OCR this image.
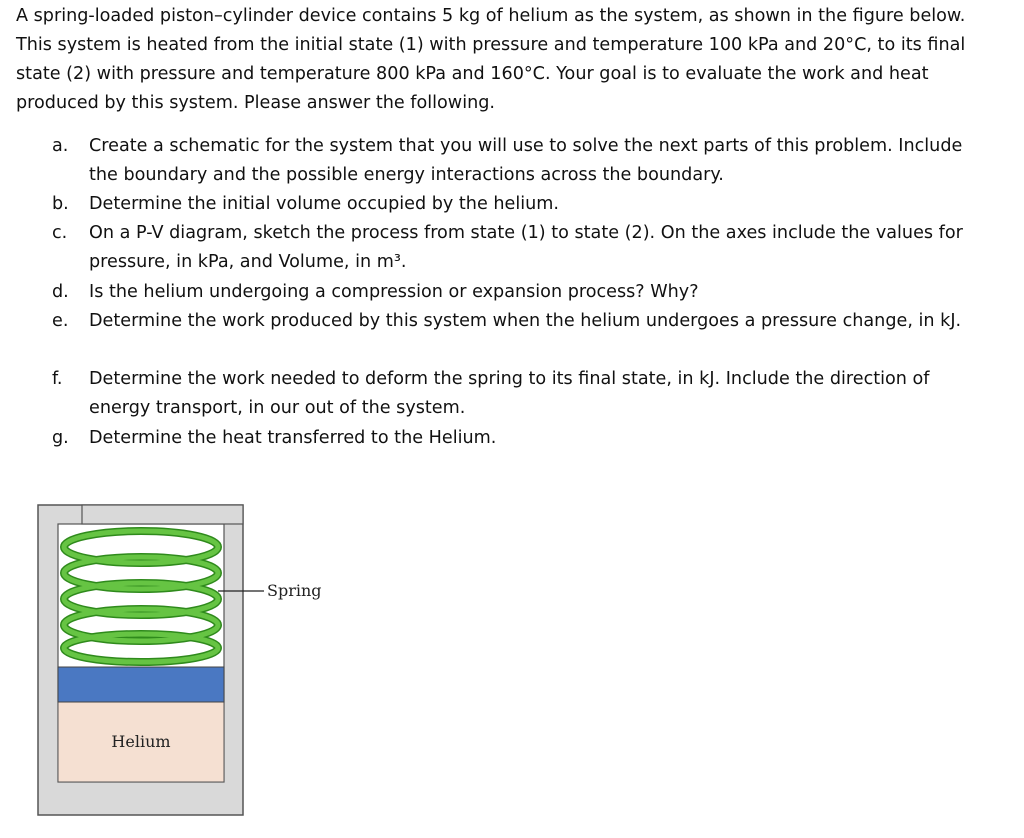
A spring-loaded piston–cylinder device contains 5 kg of helium as the system, as shown in the figure below. This system is heated from the initial state (1) with pressure and temperature 100 kPa and 20°C, to its final state (2) with pressure and temperature 800 kPa and 160°C. Your goal is to evaluate the work and heat produced by this system. Please answer the following.

a.	Create a schematic for the system that you will use to solve the next parts of this problem. Include the boundary and the possible energy interactions across the boundary.
b.	Determine the initial volume occupied by the helium.
c.	On a P-V diagram, sketch the process from state (1) to state (2). On the axes include the values for pressure, in kPa, and Volume, in m³.
d.	Is the helium undergoing a compression or expansion process? Why?
e.	Determine the work produced by this system when the helium undergoes a pressure change, in kJ.
f.	Determine the work needed to deform the spring to its final state, in kJ. Include the direction of energy transport, in our out of the system.
g.	Determine the heat transferred to the Helium.
Spring
Helium
